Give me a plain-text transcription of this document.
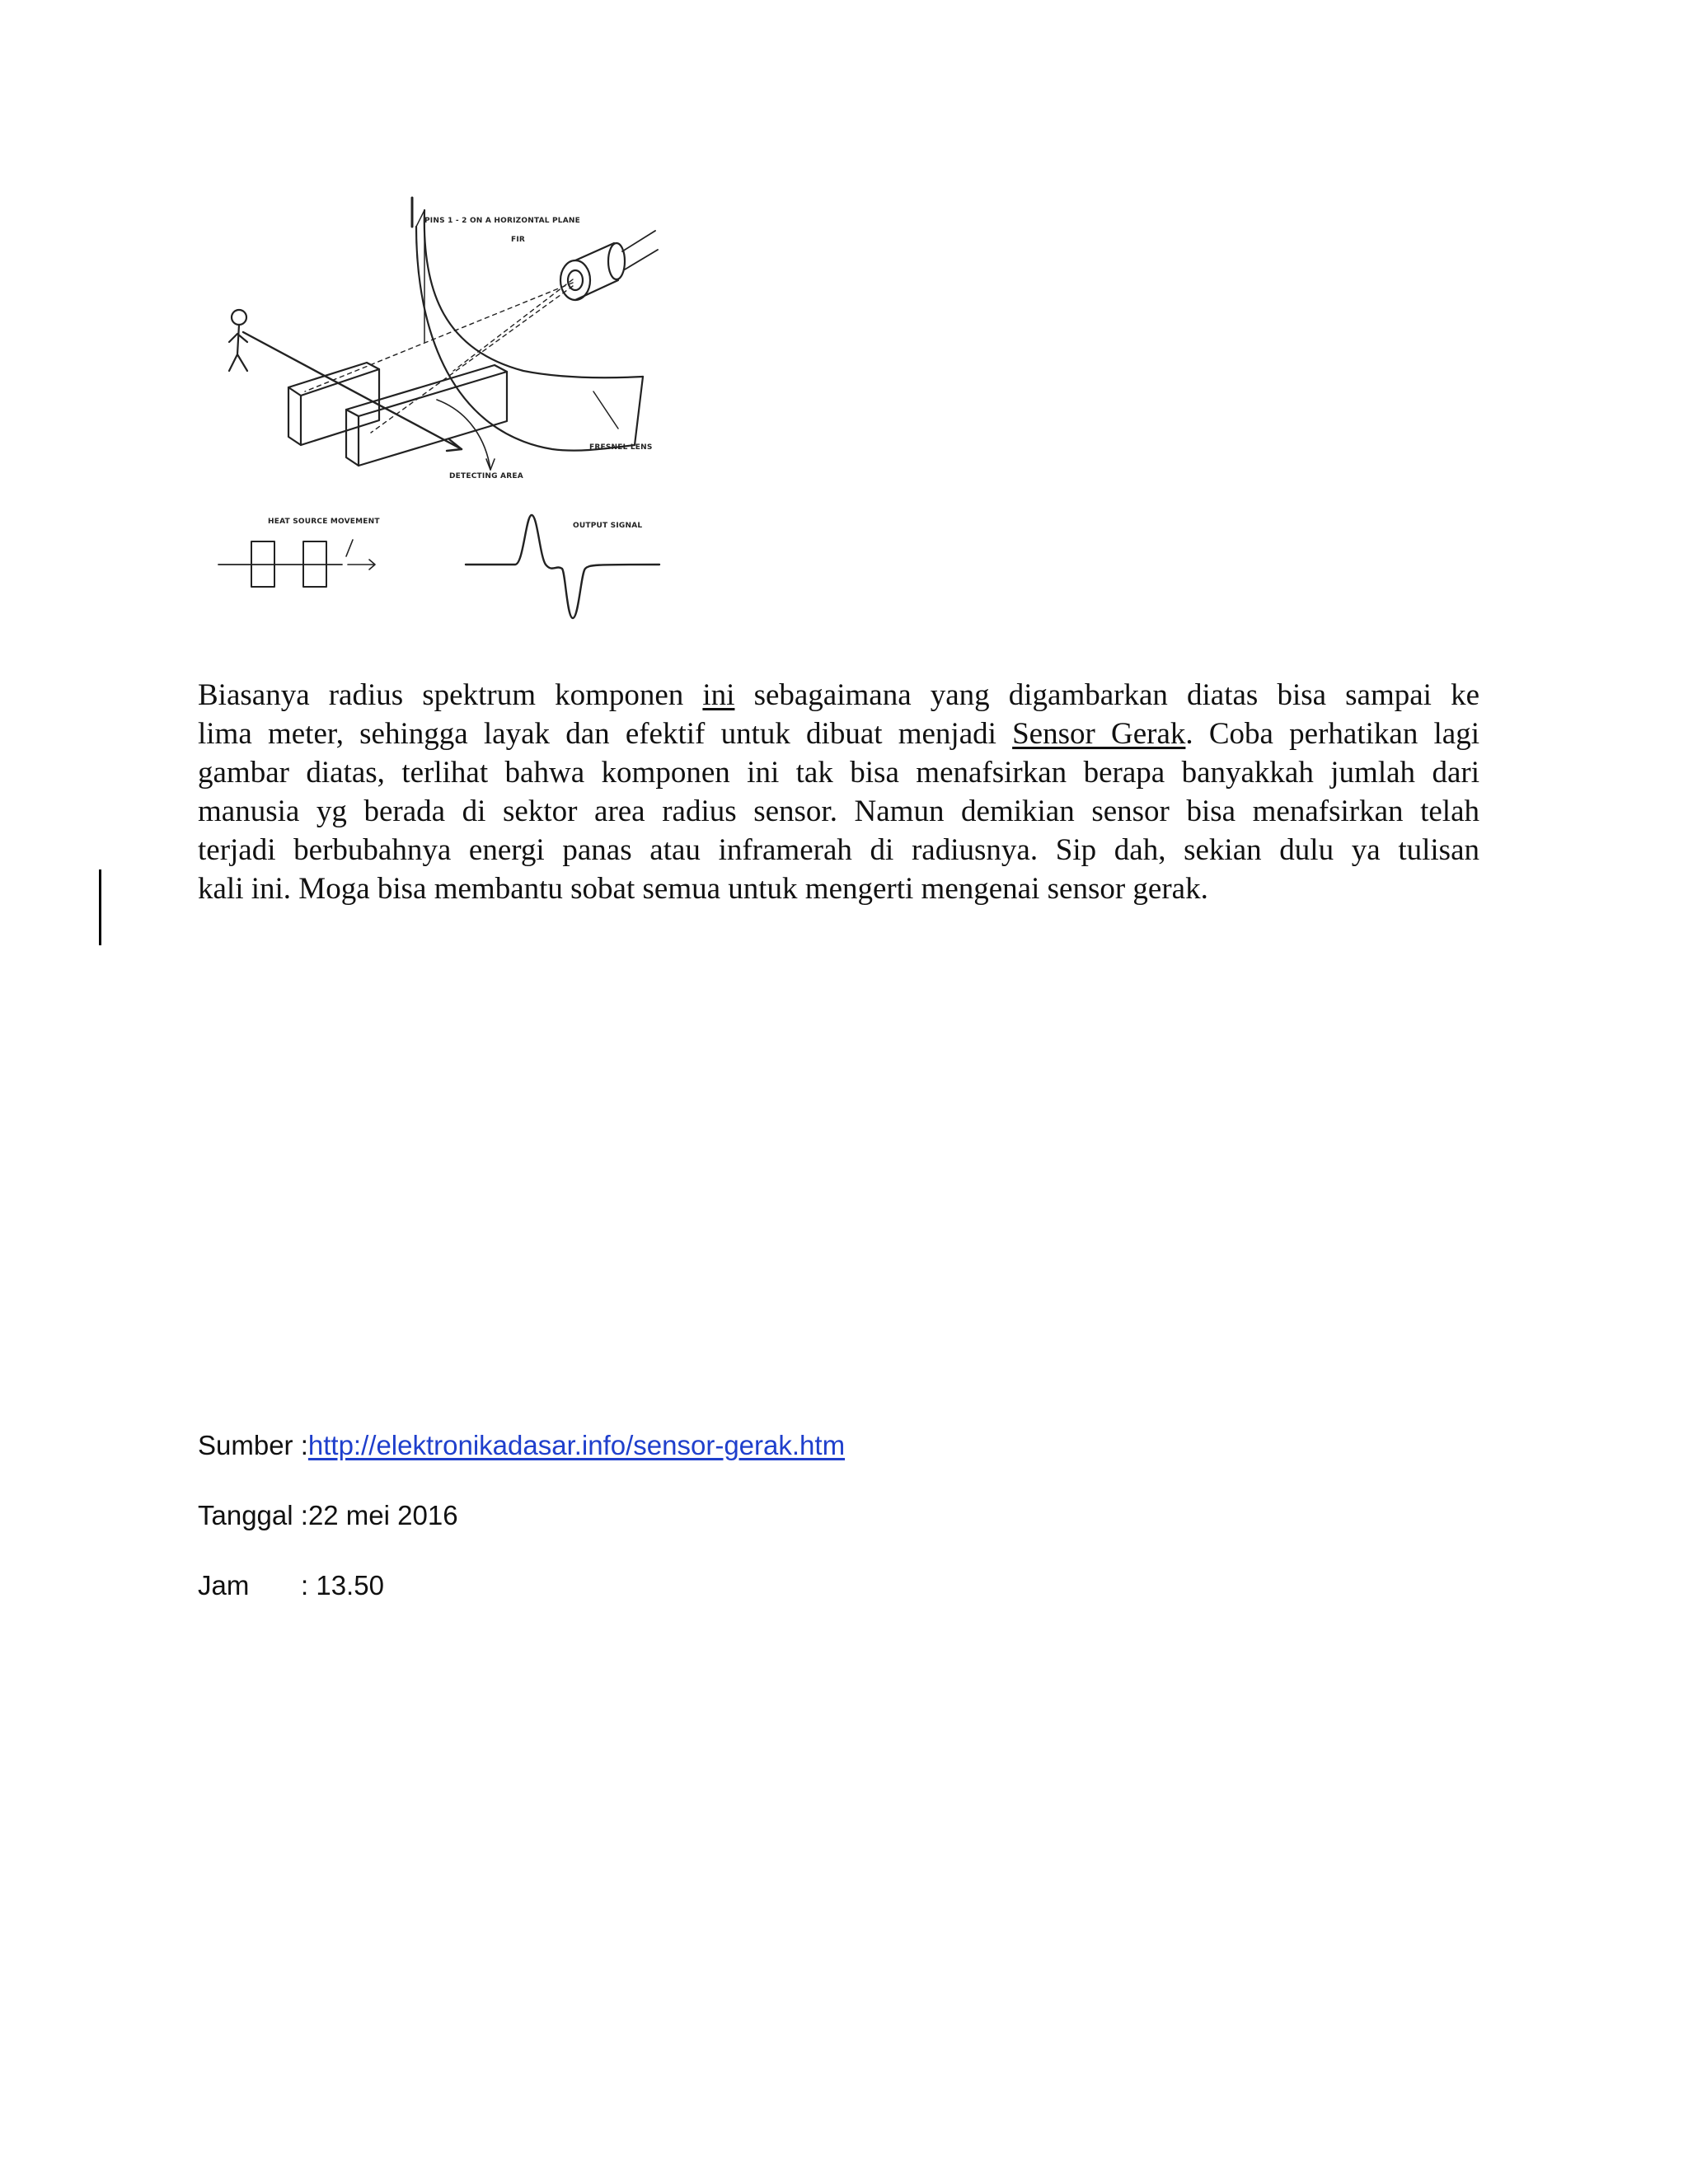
PINS 1 - 2 ON A HORIZONTAL PLANE
FIR
FRESNEL LENS
DETECTING AREA
HEAT SOURCE MOVEMENT	OUTPUT SIGNAL
Biasanya radius spektrum komponen ini sebagaimana yang digambarkan diatas bisa sampai ke
lima meter, sehingga layak dan efektif untuk dibuat menjadi Sensor Gerak. Coba perhatikan lagi
gambar diatas, terlihat bahwa komponen ini tak bisa menafsirkan berapa banyakkah jumlah dari
manusia yg berada di sektor area radius sensor. Namun demikian sensor bisa menafsirkan telah
terjadi berbubahnya energi panas atau inframerah di radiusnya. Sip dah, sekian dulu ya tulisan
kali ini. Moga bisa membantu sobat semua untuk mengerti mengenai sensor gerak.
Sumber :http://elektronikadasar.info/sensor-gerak.htm
Tanggal :22 mei 2016
Jam : 13.50
